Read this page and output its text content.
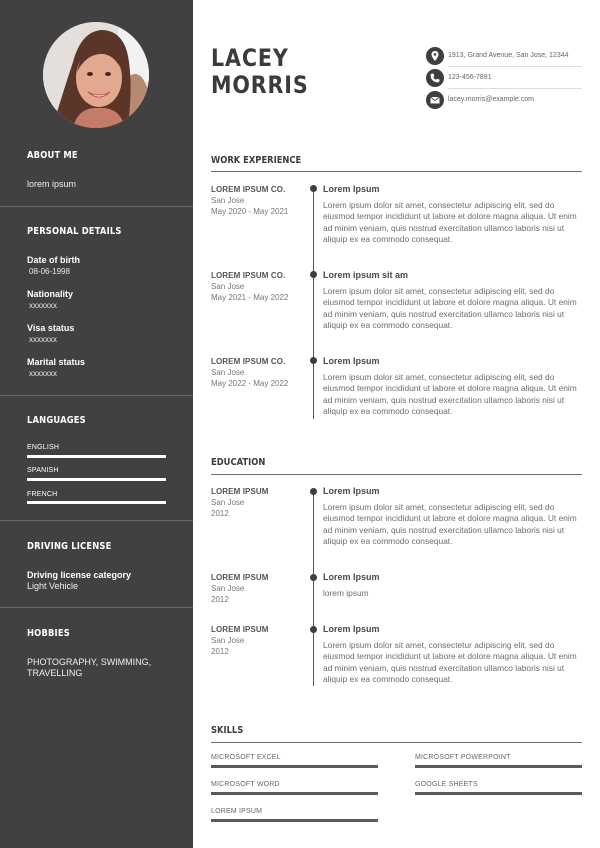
ABOUT ME
lorem ipsum
PERSONAL DETAILS
Date of birth
08-06-1998
Nationality
xxxxxxx
Visa status
xxxxxxx
Marital status
xxxxxxx
LANGUAGES
ENGLISH
SPANISH
FRENCH
DRIVING LICENSE
Driving license category
Light Vehicle
HOBBIES
PHOTOGRAPHY, SWIMMING,
TRAVELLING
LACEY
MORRIS
1913, Grand Avenue, San Jose, 12344
123-456-7891
lacey.morris@example.com
WORK EXPERIENCE
LOREM IPSUM CO.
San Jose
May 2020 - May 2021
Lorem Ipsum
Lorem ipsum dolor sit amet, consectetur adipiscing elit, sed do eiusmod tempor incididunt ut labore et dolore magna aliqua. Ut enim ad minim veniam, quis nostrud exercitation ullamco laboris nisi ut aliquip ex ea commodo consequat.
LOREM IPSUM CO.
San Jose
May 2021 - May 2022
Lorem ipsum sit am
Lorem ipsum dolor sit amet, consectetur adipiscing elit, sed do eiusmod tempor incididunt ut labore et dolore magna aliqua. Ut enim ad minim veniam, quis nostrud exercitation ullamco laboris nisi ut aliquip ex ea commodo consequat.
LOREM IPSUM CO.
San Jose
May 2022 - May 2022
Lorem Ipsum
Lorem ipsum dolor sit amet, consectetur adipiscing elit, sed do eiusmod tempor incididunt ut labore et dolore magna aliqua. Ut enim ad minim veniam, quis nostrud exercitation ullamco laboris nisi ut aliquip ex ea commodo consequat.
EDUCATION
LOREM IPSUM
San Jose
2012
Lorem Ipsum
Lorem ipsum dolor sit amet, consectetur adipiscing elit, sed do eiusmod tempor incididunt ut labore et dolore magna aliqua. Ut enim ad minim veniam, quis nostrud exercitation ullamco laboris nisi ut aliquip ex ea commodo consequat.
LOREM IPSUM
San Jose
2012
Lorem Ipsum
lorem ipsum
LOREM IPSUM
San Jose
2012
Lorem Ipsum
Lorem ipsum dolor sit amet, consectetur adipiscing elit, sed do eiusmod tempor incididunt ut labore et dolore magna aliqua. Ut enim ad minim veniam, quis nostrud exercitation ullamco laboris nisi ut aliquip ex ea commodo consequat.
SKILLS
MICROSOFT EXCEL	MICROSOFT POWERPOINT
MICROSOFT WORD	GOOGLE SHEETS
LOREM IPSUM
